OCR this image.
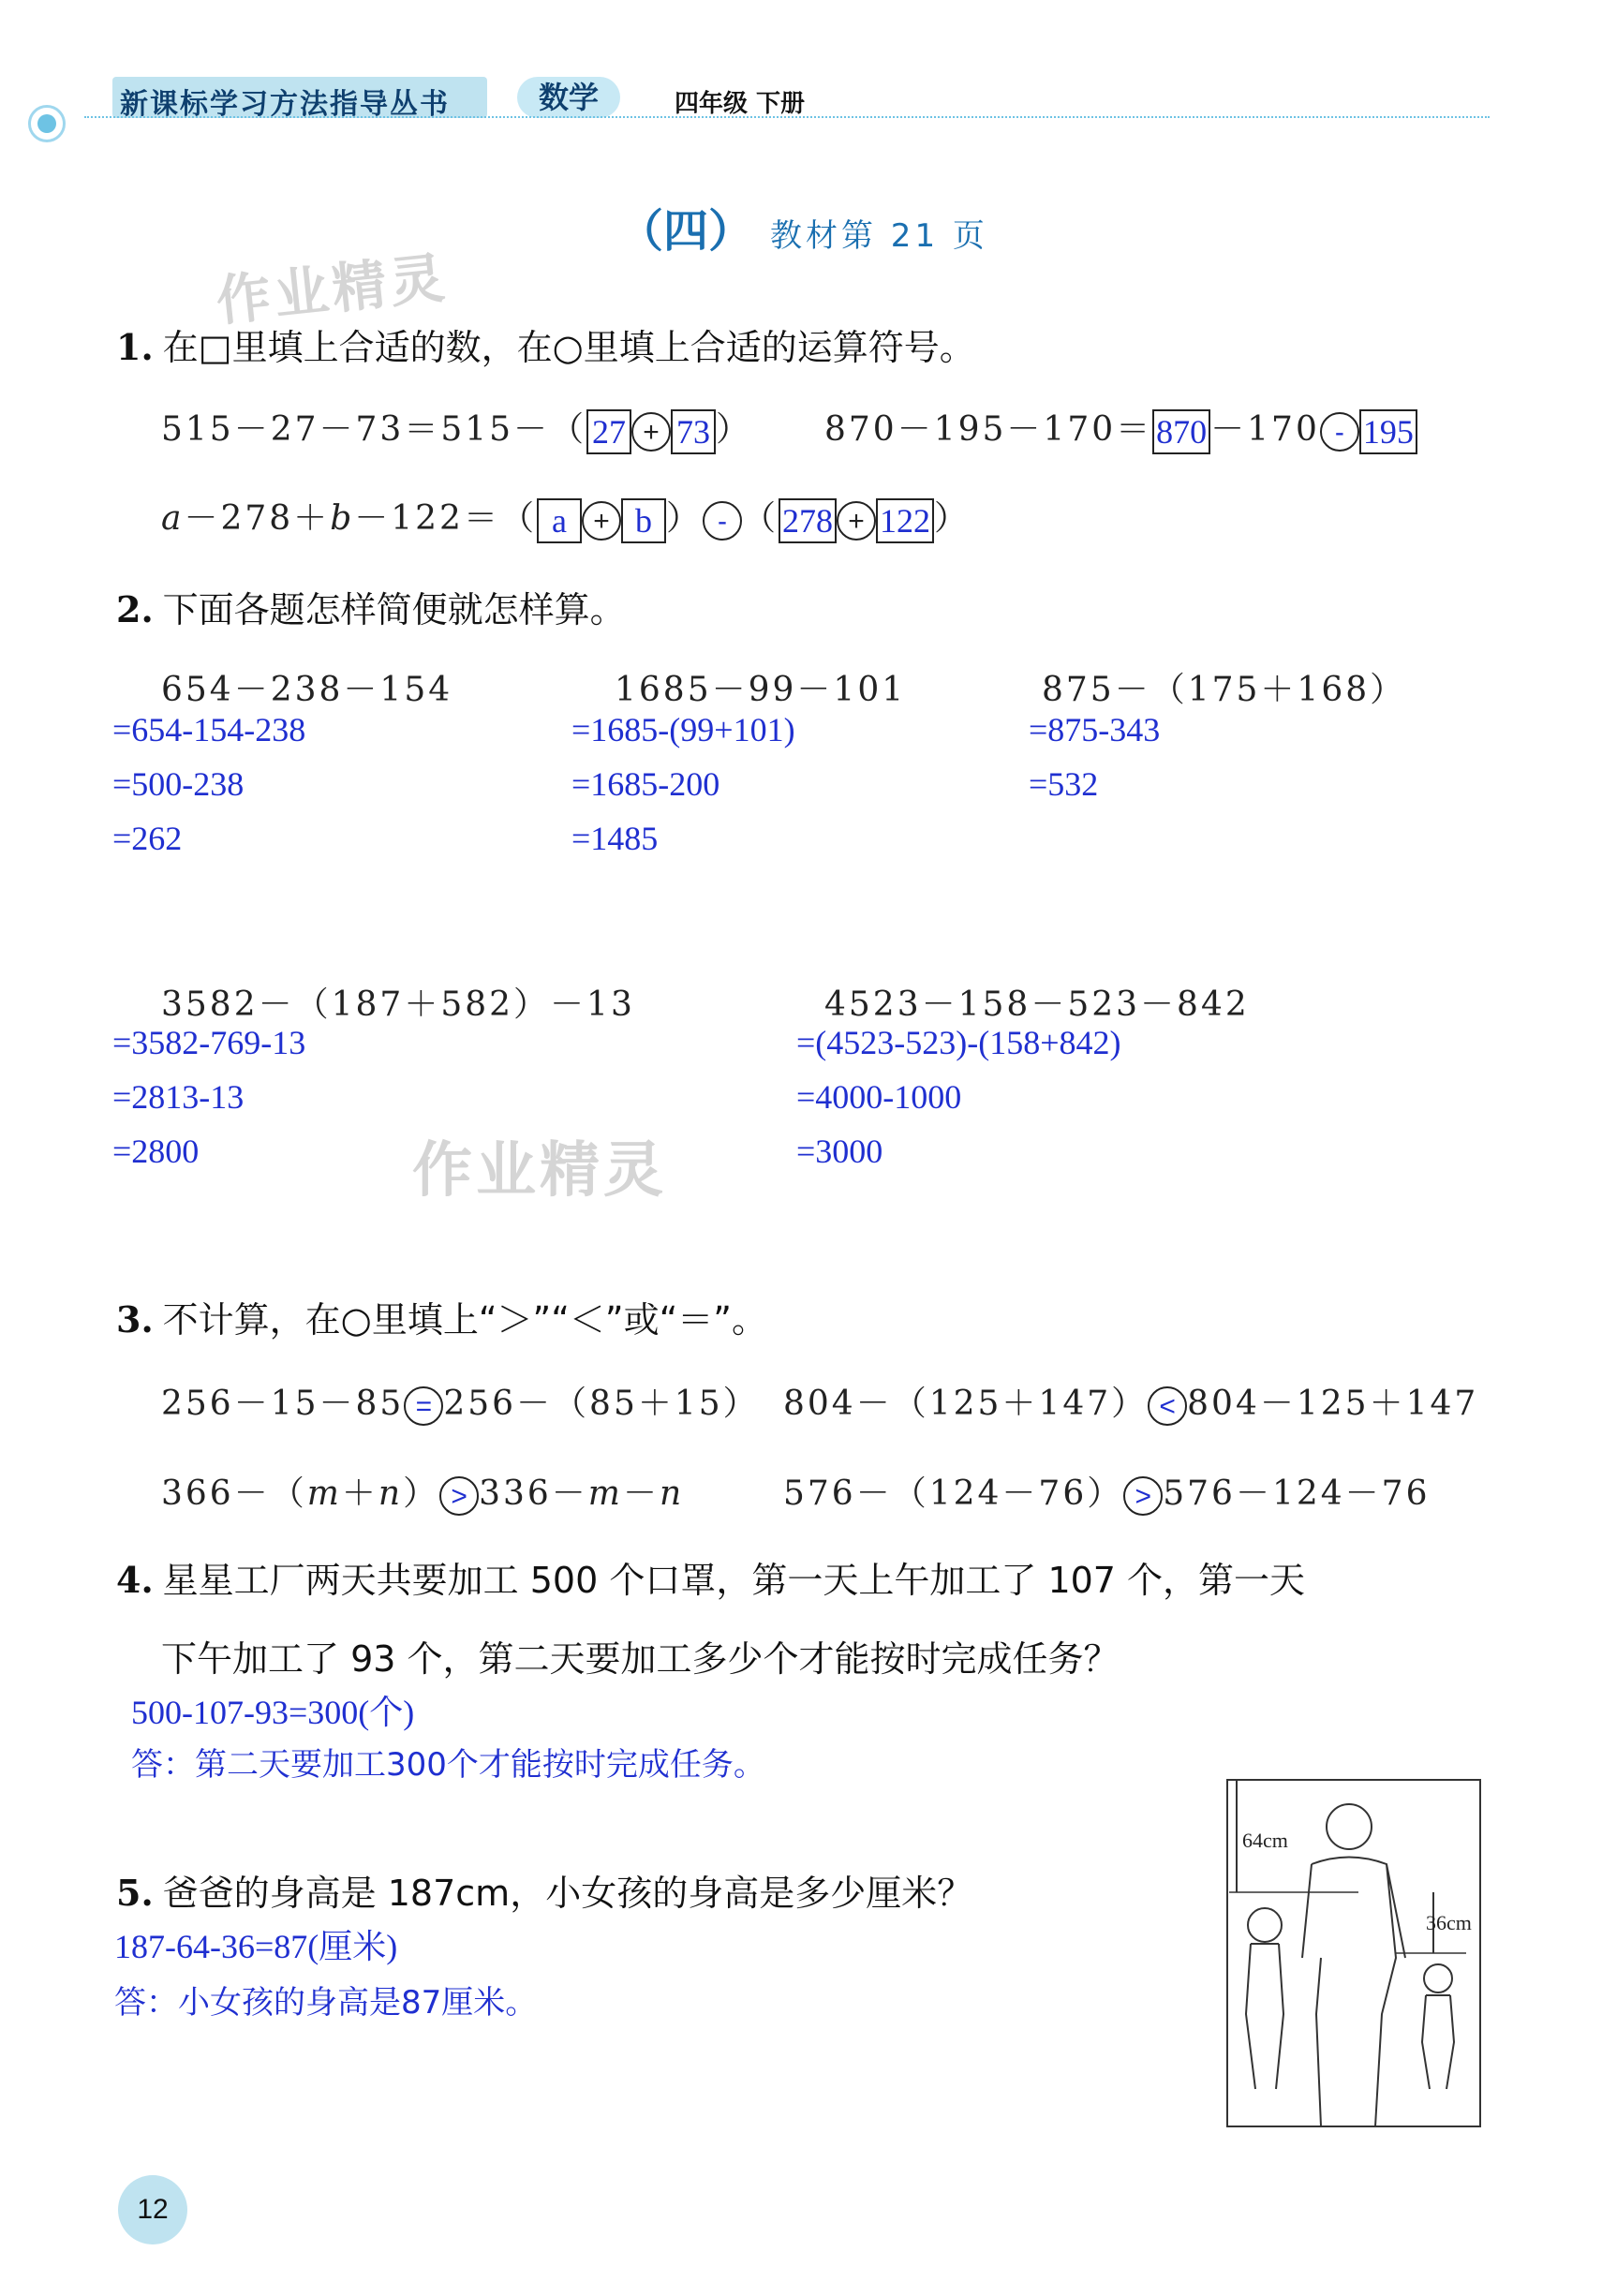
新课标学习方法指导丛书	数学	四年级 下册
（四） 教材第 21 页
作业精灵
作业精灵
1. 在□里填上合适的数，在○里填上合适的运算符号。
515－27－73＝515－（ 27 + 73 ） 870－195－170＝ 870 －170 - 195
a－278＋b－122＝（ a + b ） - （ 278 + 122 ）
2. 下面各题怎样简便就怎样算。
654－238－154
=654-154-238
=500-238
=262
1685－99－101
=1685-(99+101)
=1685-200
=1485
875－（175＋168）
=875-343
=532
3582－（187＋582）－13
=3582-769-13
=2813-13
=2800
4523－158－523－842
=(4523-523)-(158+842)
=4000-1000
=3000
3. 不计算，在○里填上“＞”“＜”或“＝”。
256－15－85 = 256－（85＋15） 804－（125＋147） < 804－125＋147
366－（m＋n） > 336－m－n	576－（124－76） > 576－124－76
4. 星星工厂两天共要加工 500 个口罩，第一天上午加工了 107 个，第一天
下午加工了 93 个，第二天要加工多少个才能按时完成任务？
500-107-93=300(个)
答：第二天要加工300个才能按时完成任务。
5. 爸爸的身高是 187cm，小女孩的身高是多少厘米？
187-64-36=87(厘米)
答：小女孩的身高是87厘米。
64cm
36cm
12
